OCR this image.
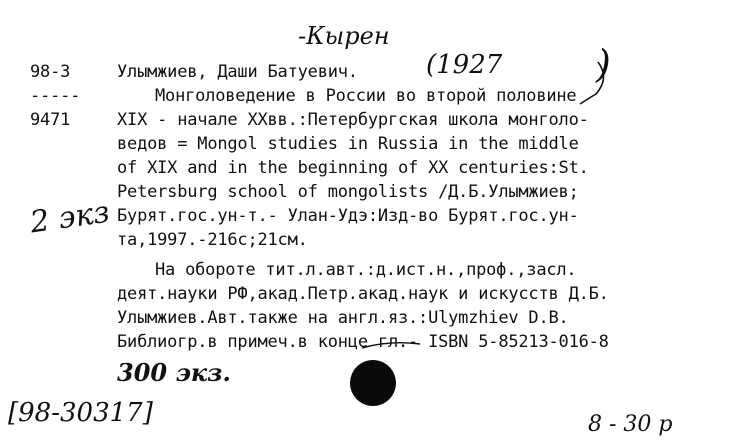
-Кырен
98-3
-----
9471
2 экз
Улымжиев, Даши Батуевич.	(1927 )
Монголоведение в России во второй половине
XIX - начале XXвв.:Петербургская школа монголо-
ведов = Mongol studies in Russia in the middle
of XIX and in the beginning of XX centuries:St.
Petersburg school of mongolists /Д.Б.Улымжиев;
Бурят.гос.ун-т.- Улан-Удэ:Изд-во Бурят.гос.ун-
та,1997.-216с;21см.
На обороте тит.л.авт.:д.ист.н.,проф.,засл.
деят.науки РФ,акад.Петр.акад.наук и искусств Д.Б.
Улымжиев.Авт.также на англ.яз.:Ulymzhiev D.B.
Библиогр.в примеч.в конце гл.- ISBN 5-85213-016-8
300 экз.
[98-30317]	8 - 30 р
